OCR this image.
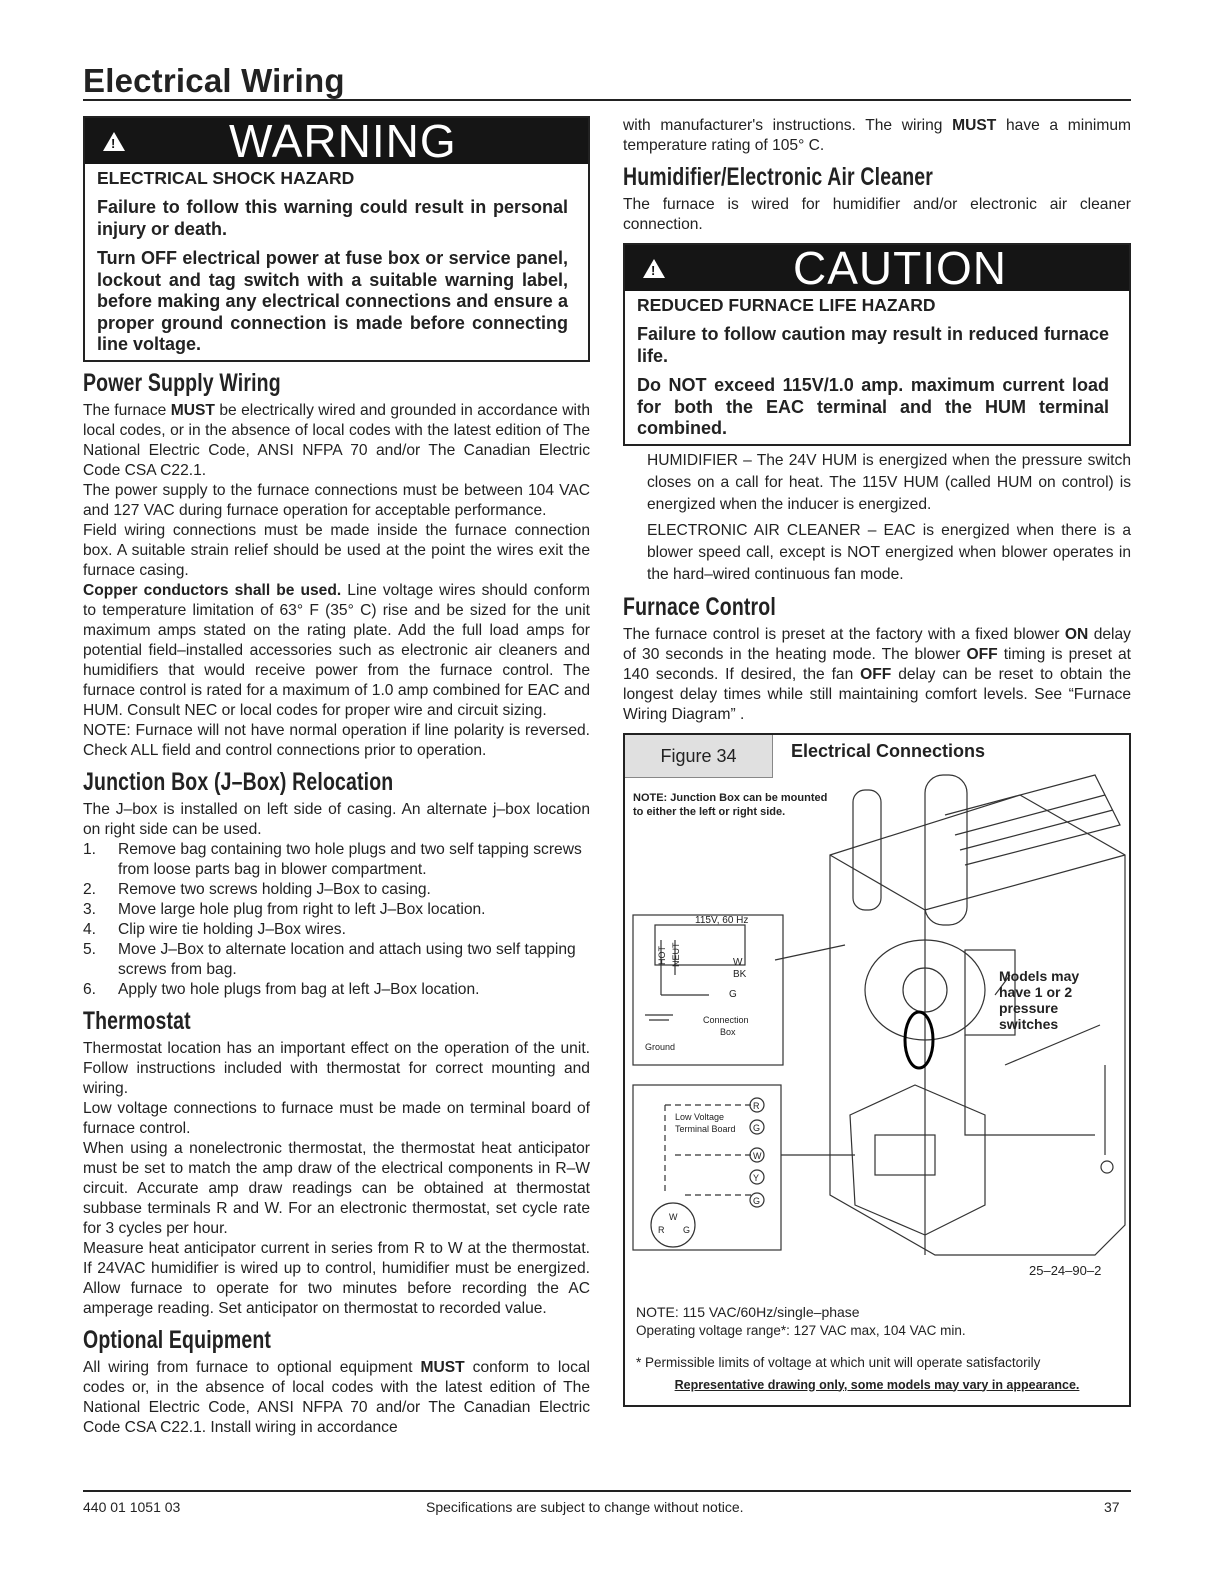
Electrical Wiring
! WARNING
ELECTRICAL SHOCK HAZARD
Failure to follow this warning could result in personal injury or death.
Turn OFF electrical power at fuse box or service panel, lockout and tag switch with a suitable warning label, before making any electrical connections and ensure a proper ground connection is made before connecting line voltage.
Power Supply Wiring

The furnace MUST be electrically wired and grounded in accordance with local codes, or in the absence of local codes with the latest edition of The National Electric Code, ANSI NFPA 70 and/or The Canadian Electric Code CSA C22.1.

The power supply to the furnace connections must be between 104 VAC and 127 VAC during furnace operation for acceptable performance.

Field wiring connections must be made inside the furnace connection box. A suitable strain relief should be used at the point the wires exit the furnace casing.

Copper conductors shall be used. Line voltage wires should conform to temperature limitation of 63° F (35° C) rise and be sized for the unit maximum amps stated on the rating plate. Add the full load amps for potential field–installed accessories such as electronic air cleaners and humidifiers that would receive power from the furnace control. The furnace control is rated for a maximum of 1.0 amp combined for EAC and HUM. Consult NEC or local codes for proper wire and circuit sizing.

NOTE: Furnace will not have normal operation if line polarity is reversed. Check ALL field and control connections prior to operation.

Junction Box (J–Box) Relocation

The J–box is installed on left side of casing. An alternate j–box location on right side can be used.

1. Remove bag containing two hole plugs and two self tapping screws from loose parts bag in blower compartment.
2. Remove two screws holding J–Box to casing.
3. Move large hole plug from right to left J–Box location.
4. Clip wire tie holding J–Box wires.
5. Move J–Box to alternate location and attach using two self tapping screws from bag.
6. Apply two hole plugs from bag at left J–Box location.
Thermostat

Thermostat location has an important effect on the operation of the unit. Follow instructions included with thermostat for correct mounting and wiring.

Low voltage connections to furnace must be made on terminal board of furnace control.

When using a nonelectronic thermostat, the thermostat heat anticipator must be set to match the amp draw of the electrical components in R–W circuit. Accurate amp draw readings can be obtained at thermostat subbase terminals R and W. For an electronic thermostat, set cycle rate for 3 cycles per hour.

Measure heat anticipator current in series from R to W at the thermostat. If 24VAC humidifier is wired up to control, humidifier must be energized. Allow furnace to operate for two minutes before recording the AC amperage reading. Set anticipator on thermostat to recorded value.

Optional Equipment

All wiring from furnace to optional equipment MUST conform to local codes or, in the absence of local codes with the latest edition of The National Electric Code, ANSI NFPA 70 and/or The Canadian Electric Code CSA C22.1. Install wiring in accordance

with manufacturer's instructions. The wiring MUST have a minimum temperature rating of 105° C.

Humidifier/Electronic Air Cleaner

The furnace is wired for humidifier and/or electronic air cleaner connection.

!	CAUTION
REDUCED FURNACE LIFE HAZARD
Failure to follow caution may result in reduced furnace life.
Do NOT exceed 115V/1.0 amp. maximum current load for both the EAC terminal and the HUM terminal combined.

HUMIDIFIER – The 24V HUM is energized when the pressure switch closes on a call for heat. The 115V HUM (called HUM on control) is energized when the inducer is energized.

ELECTRONIC AIR CLEANER – EAC is energized when there is a blower speed call, except is NOT energized when blower operates in the hard–wired continuous fan mode.

Furnace Control

The furnace control is preset at the factory with a fixed blower ON delay of 30 seconds in the heating mode. The blower OFF timing is preset at 140 seconds. If desired, the fan OFF delay can be reset to obtain the longest delay times while still maintaining comfort levels. See “Furnace Wiring Diagram” .

Figure 34	Electrical Connections
NOTE: Junction Box can be mounted to either the left or right side.
115V, 60 Hz
HOT NEUT	W
BK
G
Connection
Box
Ground
Low Voltage
Terminal Board
R
G
W
Y
G
W
R G
25–24–90–2
Models may have 1 or 2 pressure switches
NOTE: 115 VAC/60Hz/single–phase
Operating voltage range*: 127 VAC max, 104 VAC min.
* Permissible limits of voltage at which unit will operate satisfactorily
Representative drawing only, some models may vary in appearance.
440 01 1051 03	Specifications are subject to change without notice.	37
